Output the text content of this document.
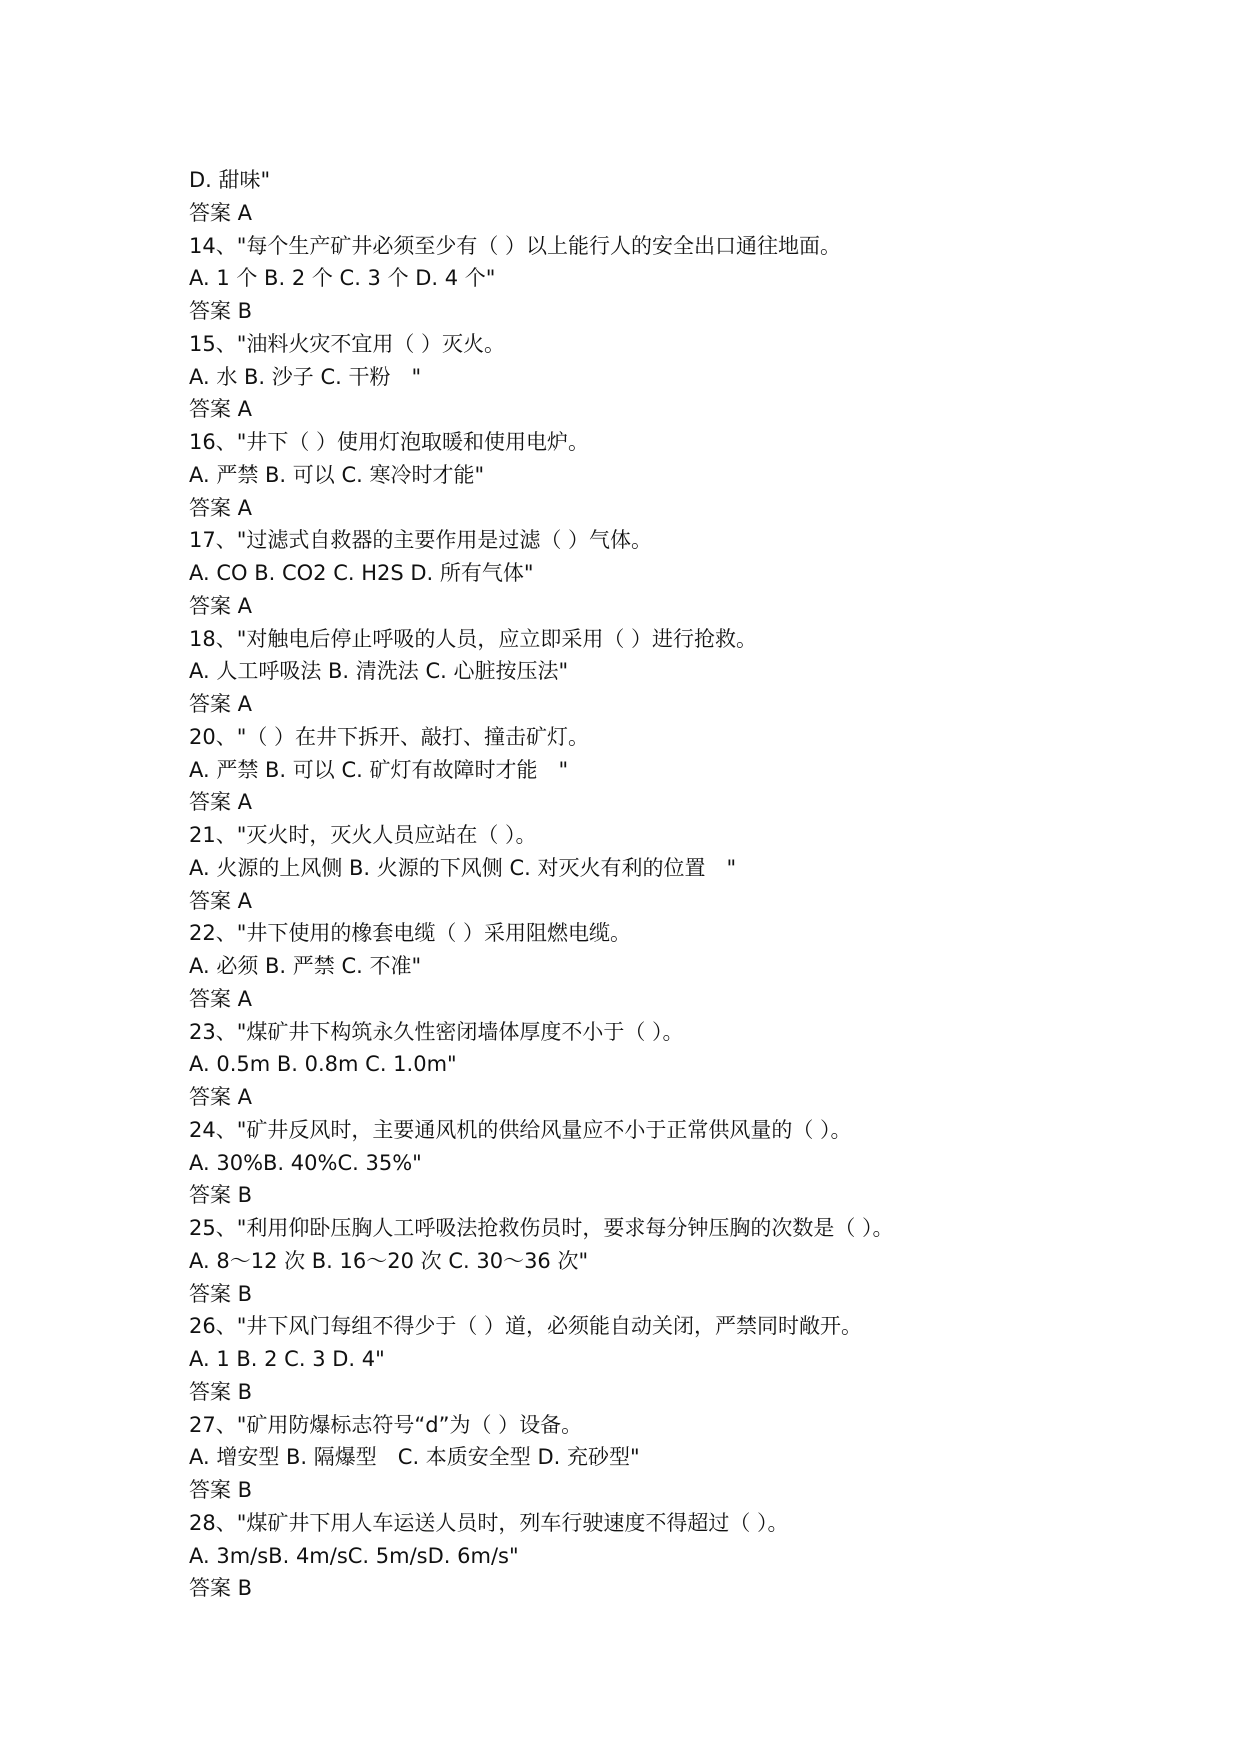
D. 甜味"
答案 A
14、"每个生产矿井必须至少有（ ）以上能行人的安全出口通往地面。
A. 1 个 B. 2 个 C. 3 个 D. 4 个"
答案 B
15、"油料火灾不宜用（ ）灭火。
A. 水 B. 沙子 C. 干粉　"
答案 A
16、"井下（ ）使用灯泡取暖和使用电炉。
A. 严禁 B. 可以 C. 寒冷时才能"
答案 A
17、"过滤式自救器的主要作用是过滤（ ）气体。
A. CO B. CO2 C. H2S D. 所有气体"
答案 A
18、"对触电后停止呼吸的人员，应立即采用（ ）进行抢救。
A. 人工呼吸法 B. 清洗法 C. 心脏按压法"
答案 A
20、"（ ）在井下拆开、敲打、撞击矿灯。
A. 严禁 B. 可以 C. 矿灯有故障时才能　"
答案 A
21、"灭火时，灭火人员应站在（ ）。
A. 火源的上风侧 B. 火源的下风侧 C. 对灭火有利的位置　"
答案 A
22、"井下使用的橡套电缆（ ）采用阻燃电缆。
A. 必须 B. 严禁 C. 不准"
答案 A
23、"煤矿井下构筑永久性密闭墙体厚度不小于（ ）。
A. 0.5m B. 0.8m C. 1.0m"
答案 A
24、"矿井反风时，主要通风机的供给风量应不小于正常供风量的（ ）。
A. 30%B. 40%C. 35%"
答案 B
25、"利用仰卧压胸人工呼吸法抢救伤员时，要求每分钟压胸的次数是（ ）。
A. 8～12 次 B. 16～20 次 C. 30～36 次"
答案 B
26、"井下风门每组不得少于（ ）道，必须能自动关闭，严禁同时敞开。
A. 1 B. 2 C. 3 D. 4"
答案 B
27、"矿用防爆标志符号“d”为（ ）设备。
A. 增安型 B. 隔爆型　C. 本质安全型 D. 充砂型"
答案 B
28、"煤矿井下用人车运送人员时，列车行驶速度不得超过（ ）。
A. 3m/sB. 4m/sC. 5m/sD. 6m/s"
答案 B
